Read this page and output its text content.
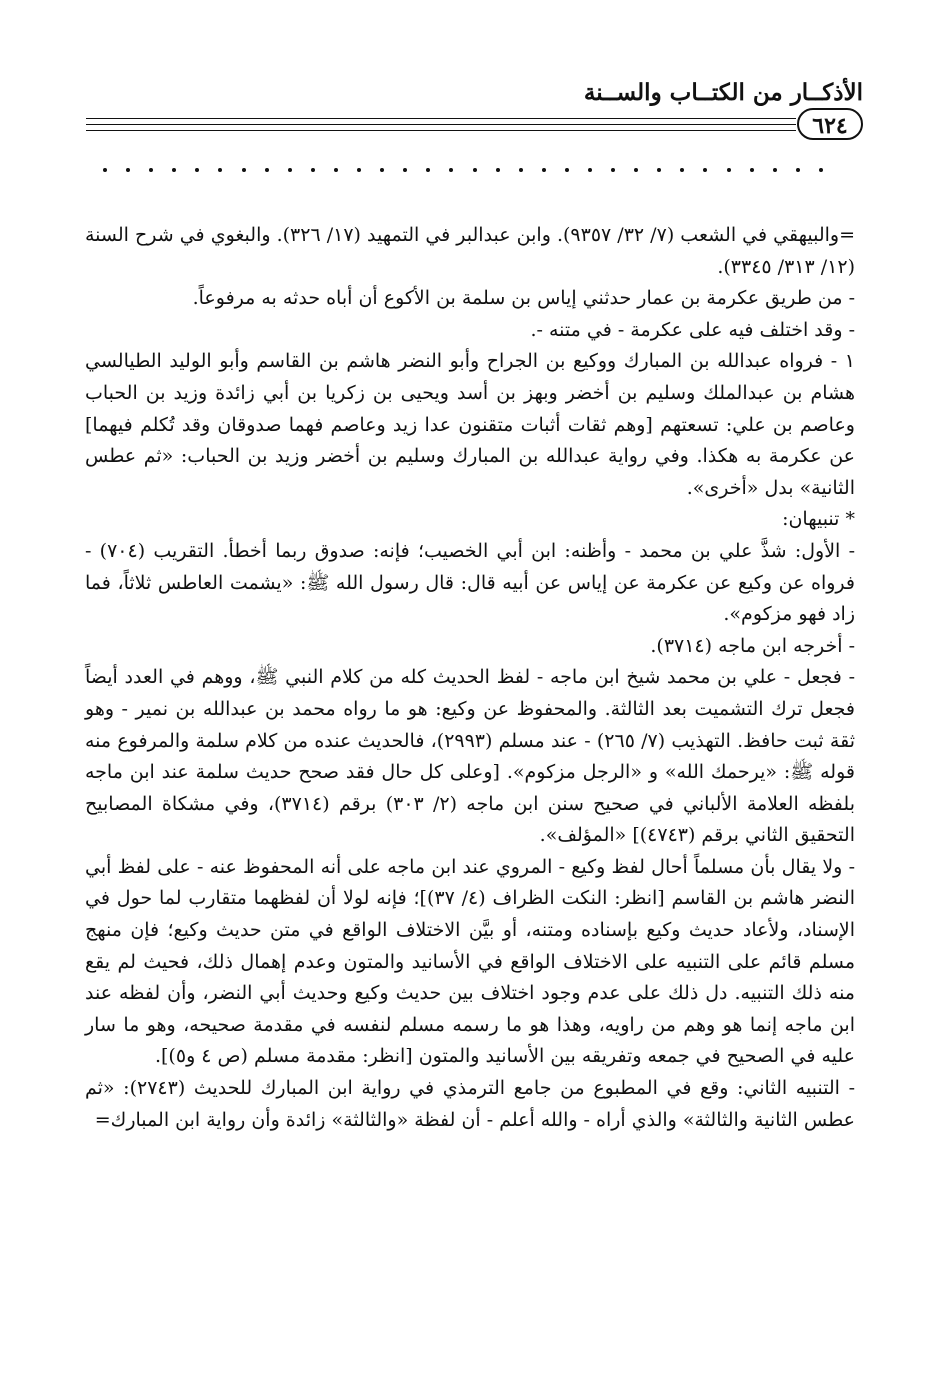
الأذكــار من الكتــاب والســنة
٦٢٤

=والبيهقي في الشعب (٧/ ٣٢/ ٩٣٥٧). وابن عبدالبر في التمهيد (١٧/ ٣٢٦). والبغوي في شرح السنة (١٢/ ٣١٣/ ٣٣٤٥).

- من طريق عكرمة بن عمار حدثني إياس بن سلمة بن الأكوع أن أباه حدثه به مرفوعاً.

- وقد اختلف فيه على عكرمة - في متنه -.

١ - فرواه عبدالله بن المبارك ووكيع بن الجراح وأبو النضر هاشم بن القاسم وأبو الوليد الطيالسي هشام بن عبدالملك وسليم بن أخضر وبهز بن أسد ويحيى بن زكريا بن أبي زائدة وزيد بن الحباب وعاصم بن علي: تسعتهم [وهم ثقات أثبات متقنون عدا زيد وعاصم فهما صدوقان وقد تُكلم فيهما] عن عكرمة به هكذا. وفي رواية عبدالله بن المبارك وسليم بن أخضر وزيد بن الحباب: «ثم عطس الثانية» بدل «أخرى».

* تنبيهان:

- الأول: شذَّ علي بن محمد - وأظنه: ابن أبي الخصيب؛ فإنه: صدوق ربما أخطأ. التقريب (٧٠٤) - فرواه عن وكيع عن عكرمة عن إياس عن أبيه قال: قال رسول الله ﷺ: «يشمت العاطس ثلاثاً، فما زاد فهو مزكوم».

- أخرجه ابن ماجه (٣٧١٤).

- فجعل - علي بن محمد شيخ ابن ماجه - لفظ الحديث كله من كلام النبي ﷺ، ووهم في العدد أيضاً فجعل ترك التشميت بعد الثالثة. والمحفوظ عن وكيع: هو ما رواه محمد بن عبدالله بن نمير - وهو ثقة ثبت حافظ. التهذيب (٧/ ٢٦٥) - عند مسلم (٢٩٩٣)، فالحديث عنده من كلام سلمة والمرفوع منه قوله ﷺ: «يرحمك الله» و «الرجل مزكوم». [وعلى كل حال فقد صحح حديث سلمة عند ابن ماجه بلفظه العلامة الألباني في صحيح سنن ابن ماجه (٢/ ٣٠٣) برقم (٣٧١٤)، وفي مشكاة المصابيح التحقيق الثاني برقم (٤٧٤٣)] «المؤلف».

- ولا يقال بأن مسلماً أحال لفظ وكيع - المروي عند ابن ماجه على أنه المحفوظ عنه - على لفظ أبي النضر هاشم بن القاسم [انظر: النكت الظراف (٤/ ٣٧)]؛ فإنه لولا أن لفظهما متقارب لما حول في الإسناد، ولأعاد حديث وكيع بإسناده ومتنه، أو بيَّن الاختلاف الواقع في متن حديث وكيع؛ فإن منهج مسلم قائم على التنبيه على الاختلاف الواقع في الأسانيد والمتون وعدم إهمال ذلك، فحيث لم يقع منه ذلك التنبيه. دل ذلك على عدم وجود اختلاف بين حديث وكيع وحديث أبي النضر، وأن لفظه عند ابن ماجه إنما هو وهم من راويه، وهذا هو ما رسمه مسلم لنفسه في مقدمة صحيحه، وهو ما سار عليه في الصحيح في جمعه وتفريقه بين الأسانيد والمتون [انظر: مقدمة مسلم (ص ٤ و٥)].

- التنبيه الثاني: وقع في المطبوع من جامع الترمذي في رواية ابن المبارك للحديث (٢٧٤٣): «ثم عطس الثانية والثالثة» والذي أراه - والله أعلم - أن لفظة «والثالثة» زائدة وأن رواية ابن المبارك=
